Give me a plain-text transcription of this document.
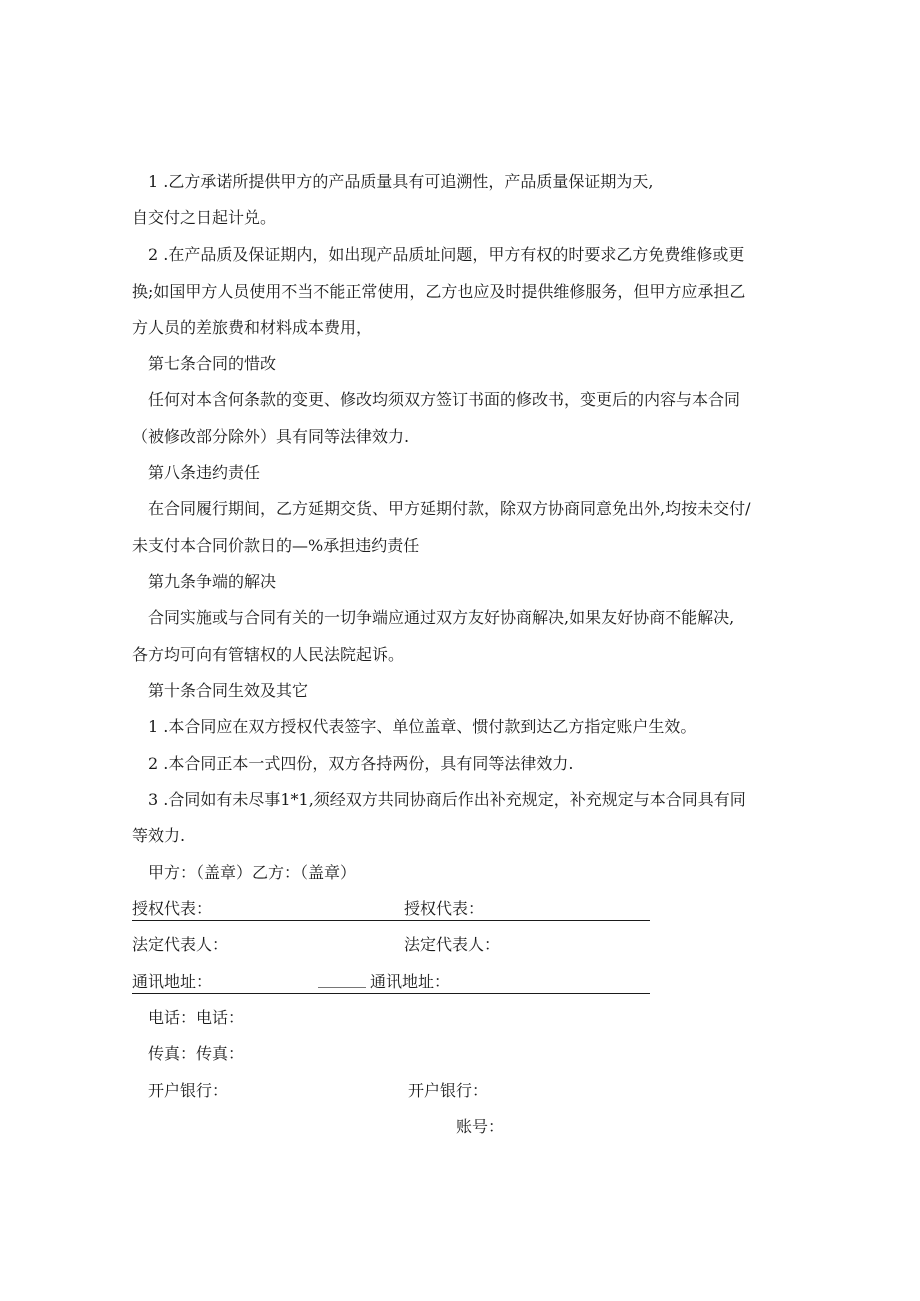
1 .乙方承诺所提供甲方的产品质量具有可追溯性，产品质量保证期为天,
自交付之日起计兑。
2 .在产品质及保证期内，如出现产品质址问题，甲方有权的时要求乙方免费维修或更
换;如国甲方人员使用不当不能正常使用，乙方也应及时提供维修服务，但甲方应承担乙
方人员的差旅费和材料成本费用，
第七条合同的惜改
任何对本含何条款的变更、修改均须双方签订书面的修改书，变更后的内容与本合同
（被修改部分除外）具有同等法律效力.
第八条违约责任
在合同履行期间，乙方延期交货、甲方延期付款，除双方协商同意免出外,均按未交付/
未支付本合同价款日的—%承担违约责任
第九条争端的解决
合同实施或与合同有关的一切争端应通过双方友好协商解决,如果友好协商不能解决,
各方均可向有管辖权的人民法院起诉。
第十条合同生效及其它
1 .本合同应在双方授权代表签字、单位盖章、惯付款到达乙方指定账户生效。
2 .本合同正本一式四份，双方各持两份，具有同等法律效力.
3 .合同如有未尽事1*1,须经双方共同协商后作出补充规定，补充规定与本合同具有同
等效力.
甲方：（盖章）乙方：（盖章）
授权代表：	授权代表：
法定代表人：	法定代表人：
通讯地址：	______ 通讯地址：
电话：电话：
传真：传真：
开户银行：	开户银行：
账号：
